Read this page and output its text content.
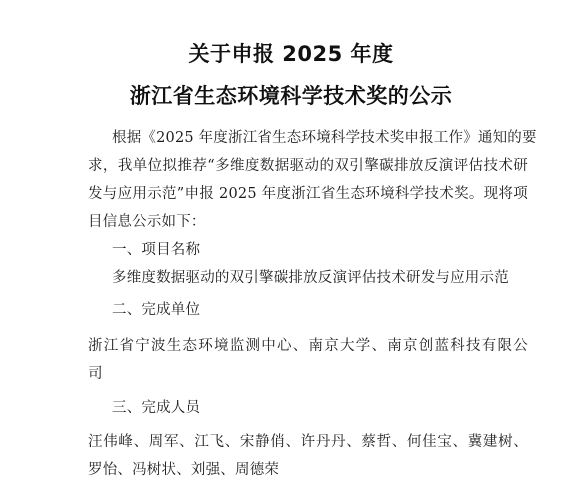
关于申报 2025 年度
浙江省生态环境科学技术奖的公示
根据《2025 年度浙江省生态环境科学技术奖申报工作》通知的要
求，我单位拟推荐“多维度数据驱动的双引擎碳排放反演评估技术研
发与应用示范”申报 2025 年度浙江省生态环境科学技术奖。现将项
目信息公示如下：
一、项目名称
多维度数据驱动的双引擎碳排放反演评估技术研发与应用示范
二、完成单位
浙江省宁波生态环境监测中心、南京大学、南京创蓝科技有限公
司
三、完成人员
汪伟峰、周军、江飞、宋静俏、许丹丹、蔡哲、何佳宝、冀建树、
罗怡、冯树状、刘强、周德荣
